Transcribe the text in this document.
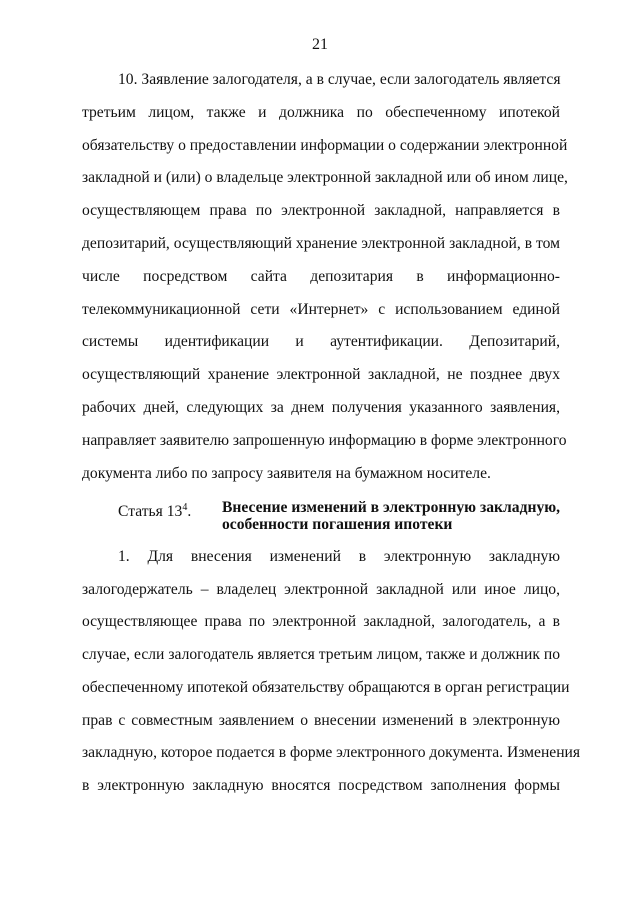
21
10. Заявление залогодателя, а в случае, если залогодатель является
третьим лицом, также и должника по обеспеченному ипотекой
обязательству о предоставлении информации о содержании электронной
закладной и (или) о владельце электронной закладной или об ином лице,
осуществляющем права по электронной закладной, направляется в
депозитарий, осуществляющий хранение электронной закладной, в том
числе посредством сайта депозитария в информационно-
телекоммуникационной сети «Интернет» с использованием единой
системы идентификации и аутентификации. Депозитарий,
осуществляющий хранение электронной закладной, не позднее двух
рабочих дней, следующих за днем получения указанного заявления,
направляет заявителю запрошенную информацию в форме электронного
документа либо по запросу заявителя на бумажном носителе.
Статья $13^4$. Внесение изменений в электронную закладную,
особенности погашения ипотеки
1. Для внесения изменений в электронную закладную
залогодержатель – владелец электронной закладной или иное лицо,
осуществляющее права по электронной закладной, залогодатель, а в
случае, если залогодатель является третьим лицом, также и должник по
обеспеченному ипотекой обязательству обращаются в орган регистрации
прав с совместным заявлением о внесении изменений в электронную
закладную, которое подается в форме электронного документа. Изменения
в электронную закладную вносятся посредством заполнения формы
